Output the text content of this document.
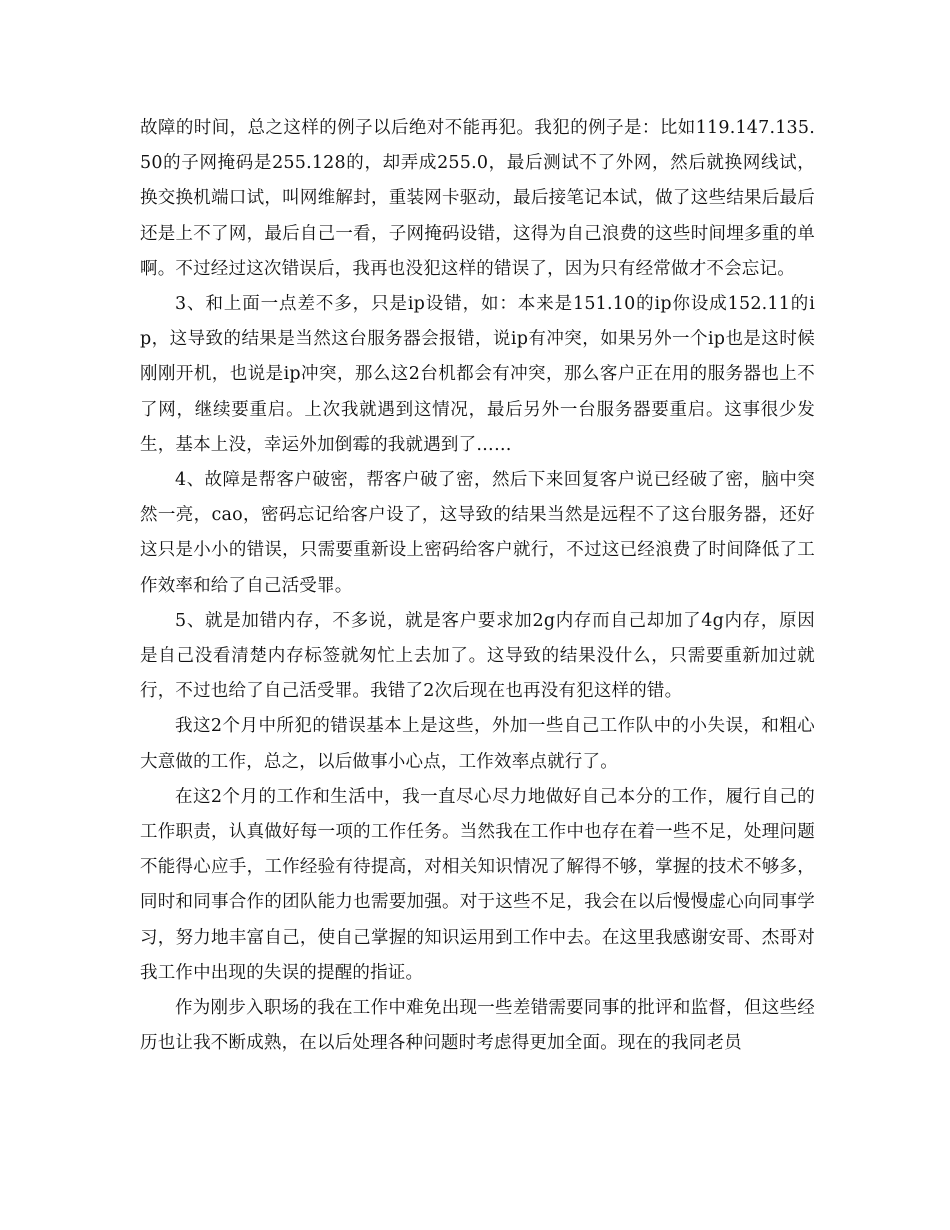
故障的时间，总之这样的例子以后绝对不能再犯。我犯的例子是：比如119.147.135.50的子网掩码是255.128的，却弄成255.0，最后测试不了外网，然后就换网线试，换交换机端口试，叫网维解封，重装网卡驱动，最后接笔记本试，做了这些结果后最后还是上不了网，最后自己一看，子网掩码设错，这得为自己浪费的这些时间埋多重的单啊。不过经过这次错误后，我再也没犯这样的错误了，因为只有经常做才不会忘记。

3、和上面一点差不多，只是ip设错，如：本来是151.10的ip你设成152.11的ip，这导致的结果是当然这台服务器会报错，说ip有冲突，如果另外一个ip也是这时候刚刚开机，也说是ip冲突，那么这2台机都会有冲突，那么客户正在用的服务器也上不了网，继续要重启。上次我就遇到这情况，最后另外一台服务器要重启。这事很少发生，基本上没，幸运外加倒霉的我就遇到了……

4、故障是帮客户破密，帮客户破了密，然后下来回复客户说已经破了密，脑中突然一亮，cao，密码忘记给客户设了，这导致的结果当然是远程不了这台服务器，还好这只是小小的错误，只需要重新设上密码给客户就行，不过这已经浪费了时间降低了工作效率和给了自己活受罪。

5、就是加错内存，不多说，就是客户要求加2g内存而自己却加了4g内存，原因是自己没看清楚内存标签就匆忙上去加了。这导致的结果没什么，只需要重新加过就行，不过也给了自己活受罪。我错了2次后现在也再没有犯这样的错。

我这2个月中所犯的错误基本上是这些，外加一些自己工作队中的小失误，和粗心大意做的工作，总之，以后做事小心点，工作效率点就行了。

在这2个月的工作和生活中，我一直尽心尽力地做好自己本分的工作，履行自己的工作职责，认真做好每一项的工作任务。当然我在工作中也存在着一些不足，处理问题不能得心应手，工作经验有待提高，对相关知识情况了解得不够，掌握的技术不够多，同时和同事合作的团队能力也需要加强。对于这些不足，我会在以后慢慢虚心向同事学习，努力地丰富自己，使自己掌握的知识运用到工作中去。在这里我感谢安哥、杰哥对我工作中出现的失误的提醒的指证。

作为刚步入职场的我在工作中难免出现一些差错需要同事的批评和监督，但这些经历也让我不断成熟，在以后处理各种问题时考虑得更加全面。现在的我同老员
